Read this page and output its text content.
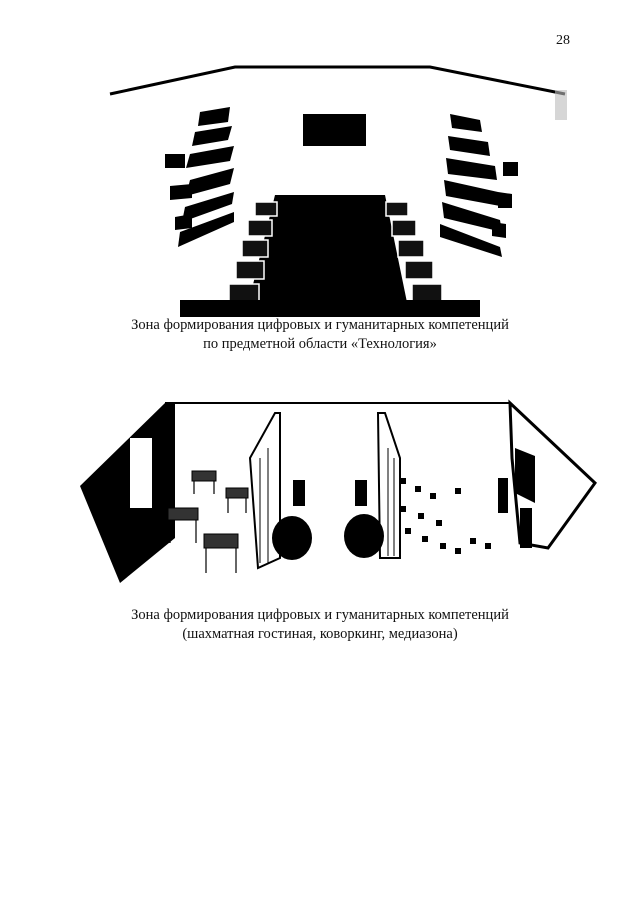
28
Зона формирования цифровых и гуманитарных компетенций
по предметной области «Технология»
Зона формирования цифровых и гуманитарных компетенций
(шахматная гостиная, коворкинг, медиазона)
